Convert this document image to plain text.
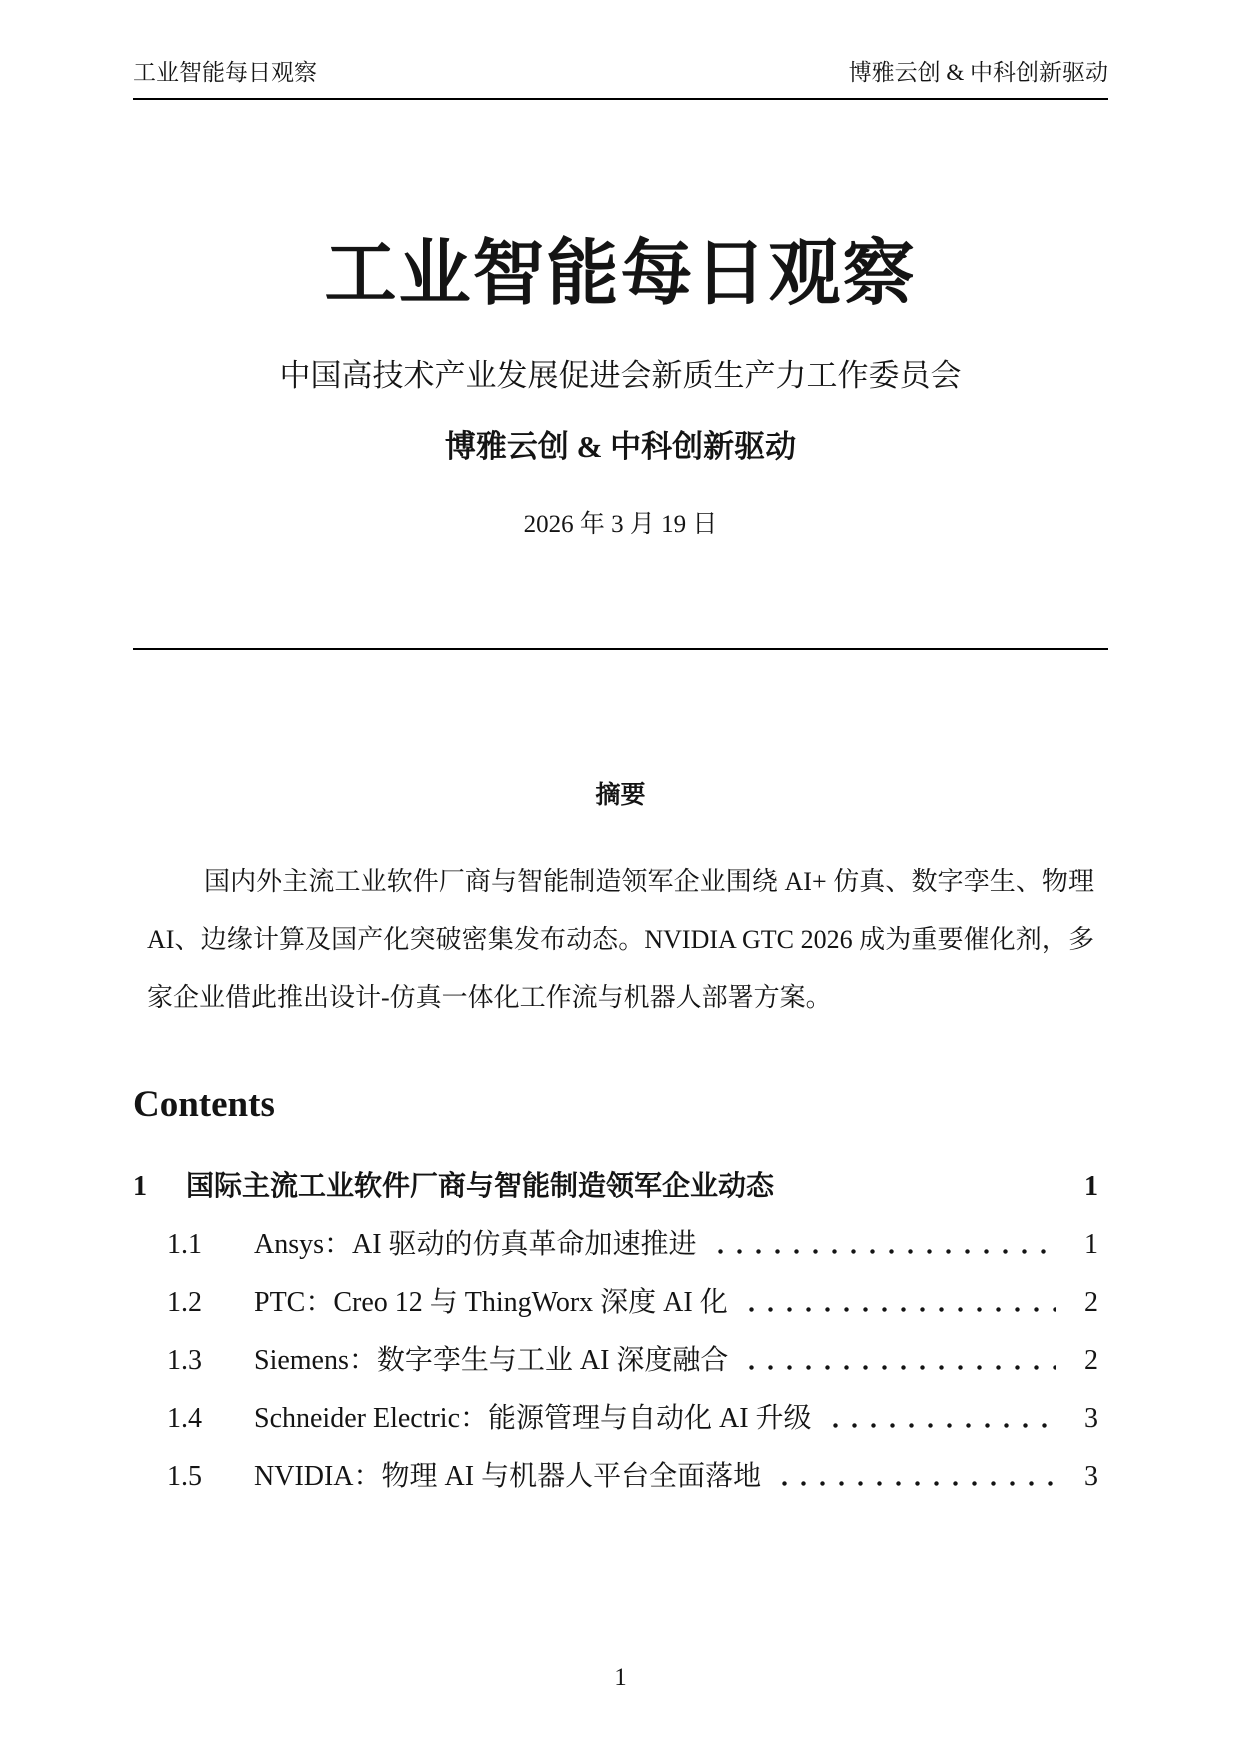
工业智能每日观察	博雅云创 & 中科创新驱动
工业智能每日观察
中国高技术产业发展促进会新质生产力工作委员会
博雅云创 & 中科创新驱动
2026 年 3 月 19 日
摘要

国内外主流工业软件厂商与智能制造领军企业围绕 AI+ 仿真、数字孪生、物理 AI、边缘计算及国产化突破密集发布动态。NVIDIA GTC 2026 成为重要催化剂，多家企业借此推出设计-仿真一体化工作流与机器人部署方案。

Contents
1	国际主流工业软件厂商与智能制造领军企业动态	1
1.1	Ansys：AI 驱动的仿真革命加速推进	1
1.2	PTC：Creo 12 与 ThingWorx 深度 AI 化	2
1.3	Siemens：数字孪生与工业 AI 深度融合	2
1.4	Schneider Electric：能源管理与自动化 AI 升级	3
1.5	NVIDIA：物理 AI 与机器人平台全面落地	3
1
